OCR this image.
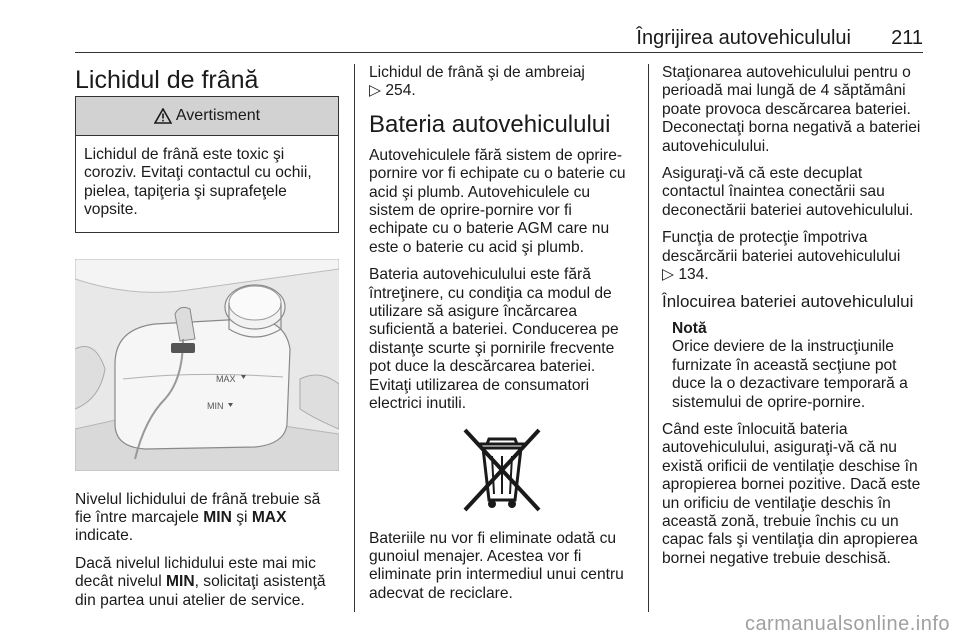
Îngrijirea autovehiculului 211
Lichidul de frână
Avertisment
Lichidul de frână este toxic şi coroziv. Evitaţi contactul cu ochii, pielea, tapiţeria şi suprafeţele vopsite.
MAX
MIN

Nivelul lichidului de frână trebuie să fie între marcajele MIN şi MAX indicate.

Dacă nivelul lichidului este mai mic decât nivelul MIN, solicitaţi asistenţă din partea unui atelier de service.

Lichidul de frână şi de ambreiaj
▷ 254.

Bateria autovehiculului

Autovehiculele fără sistem de oprire-pornire vor fi echipate cu o baterie cu acid şi plumb. Autovehiculele cu sistem de oprire-pornire vor fi echipate cu o baterie AGM care nu este o baterie cu acid şi plumb.

Bateria autovehiculului este fără întreţinere, cu condiţia ca modul de utilizare să asigure încărcarea suficientă a bateriei. Conducerea pe distanţe scurte şi pornirile frecvente pot duce la descărcarea bateriei. Evitaţi utilizarea de consumatori electrici inutili.

Bateriile nu vor fi eliminate odată cu gunoiul menajer. Acestea vor fi eliminate prin intermediul unui centru adecvat de reciclare.

Staţionarea autovehiculului pentru o perioadă mai lungă de 4 săptămâni poate provoca descărcarea bateriei. Deconectaţi borna negativă a bateriei autovehiculului.

Asiguraţi-vă că este decuplat contactul înaintea conectării sau deconectării bateriei autovehiculului.

Funcţia de protecţie împotriva descărcării bateriei autovehiculului
▷ 134.

Înlocuirea bateriei autovehiculului
Notă
Orice deviere de la instrucţiunile furnizate în această secţiune pot duce la o dezactivare temporară a sistemului de oprire-pornire.

Când este înlocuită bateria autovehiculului, asiguraţi-vă că nu există orificii de ventilaţie deschise în apropierea bornei pozitive. Dacă este un orificiu de ventilaţie deschis în această zonă, trebuie închis cu un capac fals şi ventilaţia din apropierea bornei negative trebuie deschisă.

carmanualsonline.info
